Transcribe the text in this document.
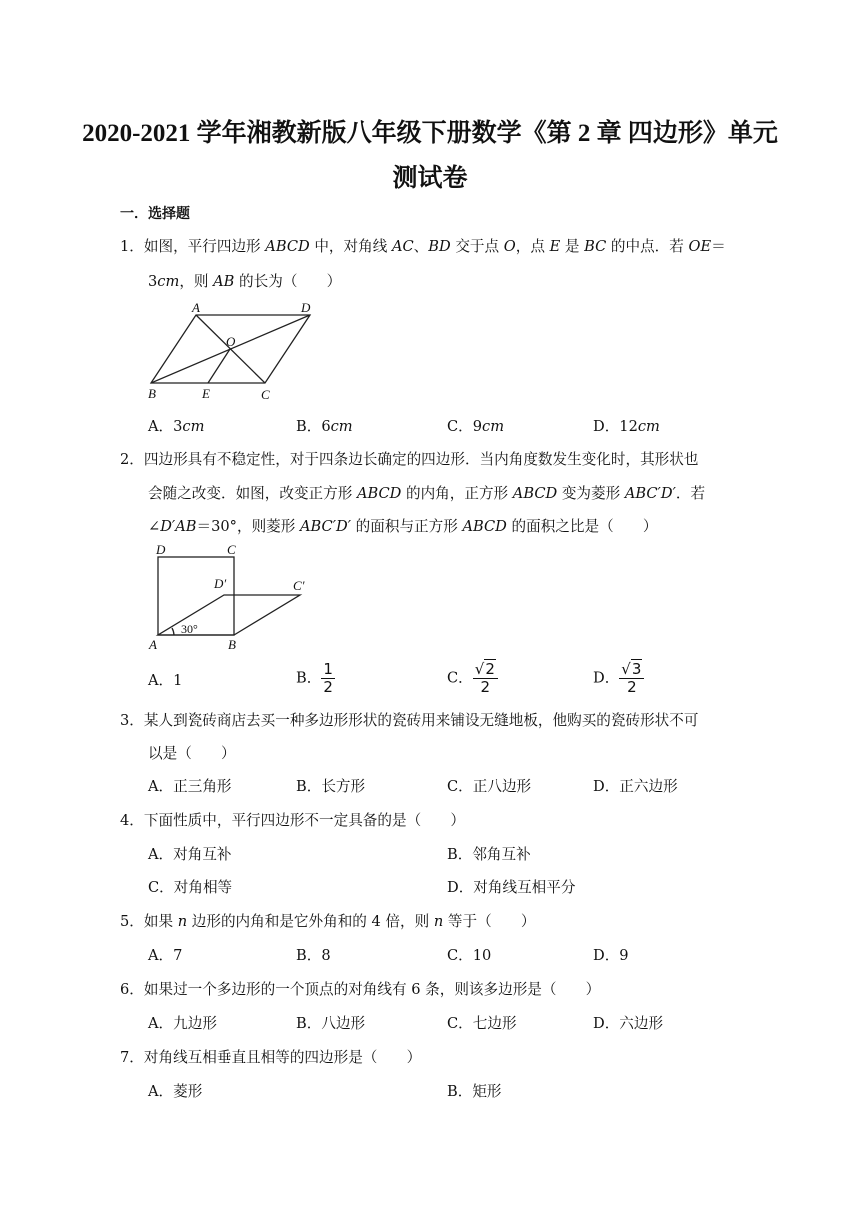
2020-2021 学年湘教新版八年级下册数学《第 2 章 四边形》单元
测试卷
一．选择题
1．如图，平行四边形 ABCD 中，对角线 AC、BD 交于点 O，点 E 是 BC 的中点．若 OE＝
3cm，则 AB 的长为（　　）
A	D
O
B	E	C
A．3cm	B．6cm	C．9cm	D．12cm
2．四边形具有不稳定性，对于四条边长确定的四边形．当内角度数发生变化时，其形状也
会随之改变．如图，改变正方形 ABCD 的内角，正方形 ABCD 变为菱形 ABC′D′．若
∠D′AB＝30°，则菱形 ABC′D′ 的面积与正方形 ABCD 的面积之比是（　　）
D	C
D′	C′
A	B
30°
A．1	B． $\frac{1}{2}$	C． $\frac{√2}{2}$	D． $\frac{√3}{2}$
3．某人到瓷砖商店去买一种多边形形状的瓷砖用来铺设无缝地板，他购买的瓷砖形状不可
以是（　　）
A．正三角形	B．长方形	C．正八边形	D．正六边形
4．下面性质中，平行四边形不一定具备的是（　　）
A．对角互补	B．邻角互补
C．对角相等	D．对角线互相平分
5．如果 n 边形的内角和是它外角和的 4 倍，则 n 等于（　　）
A．7	B．8	C．10	D．9
6．如果过一个多边形的一个顶点的对角线有 6 条，则该多边形是（　　）
A．九边形	B．八边形	C．七边形	D．六边形
7．对角线互相垂直且相等的四边形是（　　）
A．菱形	B．矩形
